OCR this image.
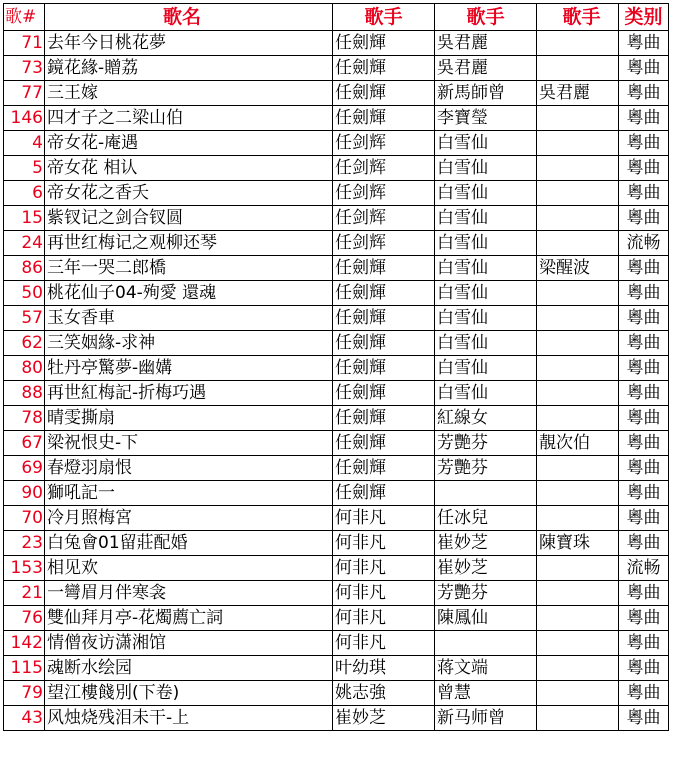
歌#	歌名	歌手	歌手	歌手	类别
71	去年今日桃花夢	任劍輝	吳君麗		粵曲
73	鏡花緣-贈荔	任劍輝	吳君麗		粵曲
77	三王嫁	任劍輝	新馬師曾	吳君麗	粵曲
146	四才子之二梁山伯	任劍輝	李寶瑩		粵曲
4	帝女花-庵遇	任剑辉	白雪仙		粵曲
5	帝女花 相认	任剑辉	白雪仙		粵曲
6	帝女花之香夭	任剑辉	白雪仙		粵曲
15	紫钗记之剑合钗圆	任剑辉	白雪仙		粵曲
24	再世红梅记之观柳还琴	任剑辉	白雪仙		流畅
86	三年一哭二郎橋	任劍輝	白雪仙	梁醒波	粵曲
50	桃花仙子04-殉愛 還魂	任劍輝	白雪仙		粵曲
57	玉女香車	任劍輝	白雪仙		粵曲
62	三笑姻緣-求神	任劍輝	白雪仙		粵曲
80	牡丹亭驚夢-幽媾	任劍輝	白雪仙		粵曲
88	再世紅梅記-折梅巧遇	任劍輝	白雪仙		粵曲
78	晴雯撕扇	任劍輝	紅線女		粵曲
67	梁祝恨史-下	任劍輝	芳艷芬	靚次伯	粵曲
69	春燈羽扇恨	任劍輝	芳艷芬		粵曲
90	獅吼記一	任劍輝			粵曲
70	冷月照梅宮	何非凡	任冰兒		粵曲
23	白兔會01留莊配婚	何非凡	崔妙芝	陳寶珠	粵曲
153	相见欢	何非凡	崔妙芝		流畅
21	一彎眉月伴寒衾	何非凡	芳艷芬		粵曲
76	雙仙拜月亭-花燭薦亡詞	何非凡	陳鳳仙		粵曲
142	情僧夜访潇湘馆	何非凡			粵曲
115	魂断水绘园	叶幼琪	蒋文端		粵曲
79	望江樓餞別(下卷)	姚志強	曾慧		粵曲
43	风烛烧残泪未干-上	崔妙芝	新马师曾		粵曲
